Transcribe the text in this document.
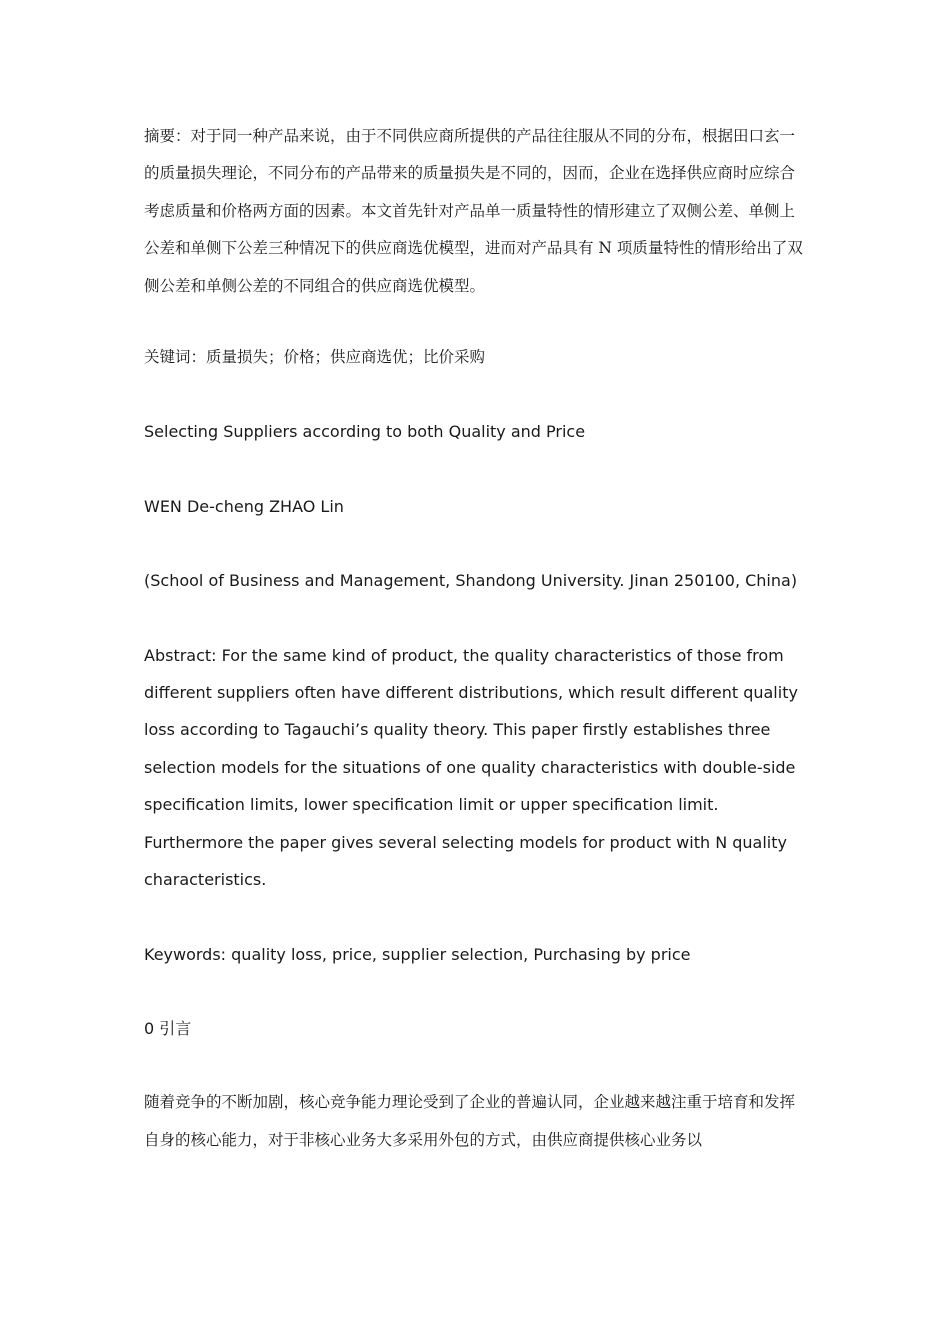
摘要：对于同一种产品来说，由于不同供应商所提供的产品往往服从不同的分布，根据田口玄一的质量损失理论，不同分布的产品带来的质量损失是不同的，因而，企业在选择供应商时应综合考虑质量和价格两方面的因素。本文首先针对产品单一质量特性的情形建立了双侧公差、单侧上公差和单侧下公差三种情况下的供应商选优模型，进而对产品具有 N 项质量特性的情形给出了双侧公差和单侧公差的不同组合的供应商选优模型。

关键词：质量损失；价格；供应商选优；比价采购

Selecting Suppliers according to both Quality and Price

WEN De-cheng ZHAO Lin

(School of Business and Management, Shandong University. Jinan 250100, China)

Abstract: For the same kind of product, the quality characteristics of those from different suppliers often have different distributions, which result different quality loss according to Tagauchi’s quality theory. This paper firstly establishes three selection models for the situations of one quality characteristics with double-side specification limits, lower specification limit or upper specification limit. Furthermore the paper gives several selecting models for product with N quality characteristics.

Keywords: quality loss, price, supplier selection, Purchasing by price

0 引言

随着竞争的不断加剧，核心竞争能力理论受到了企业的普遍认同，企业越来越注重于培育和发挥自身的核心能力，对于非核心业务大多采用外包的方式，由供应商提供核心业务以
